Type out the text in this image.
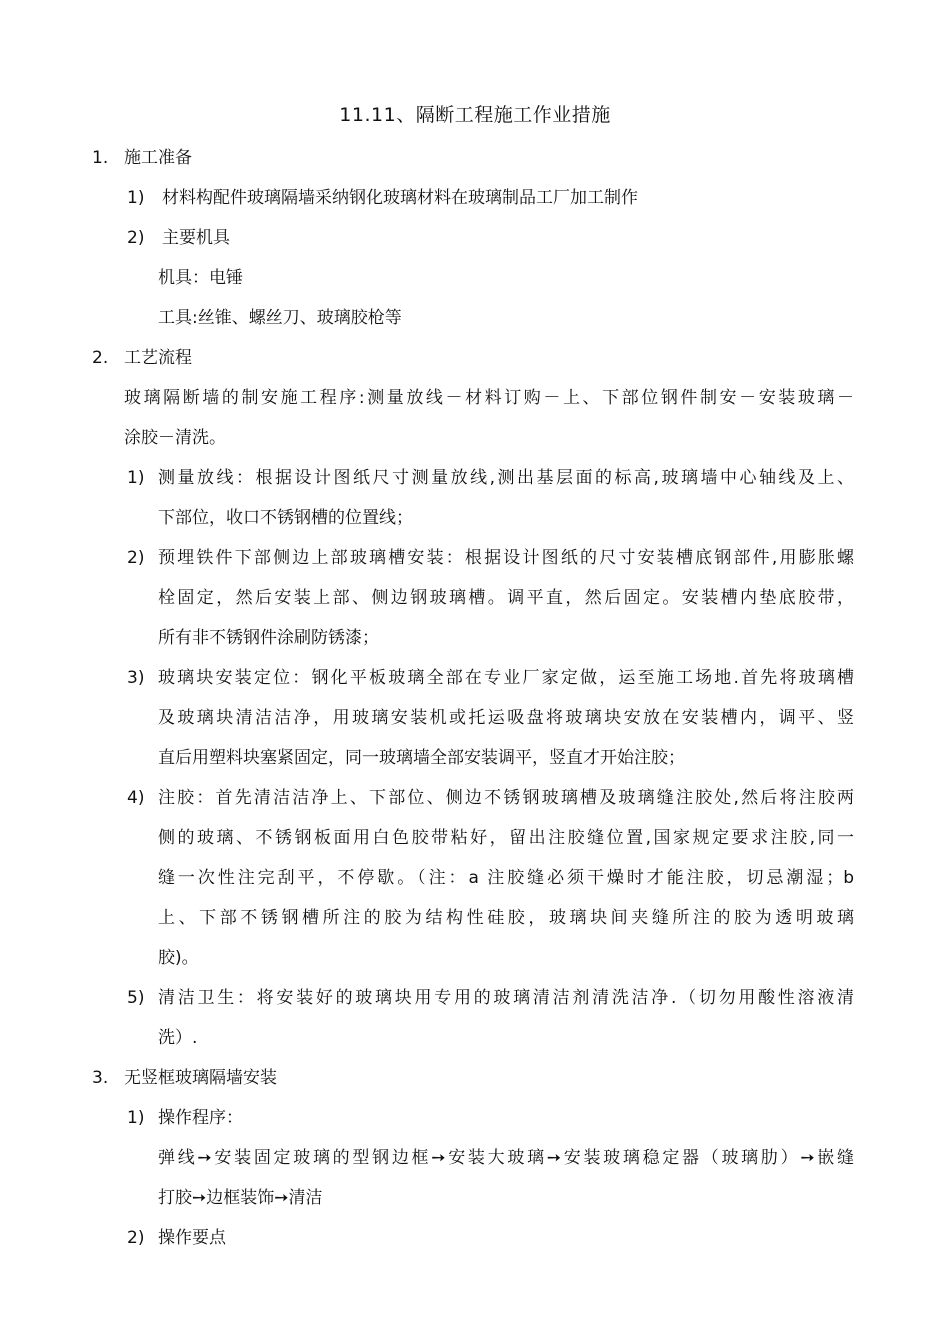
11.11、隔断工程施工作业措施
1. 施工准备
1) 材料构配件玻璃隔墙采纳钢化玻璃材料在玻璃制品工厂加工制作
2) 主要机具
机具：电锤
工具:丝锥、螺丝刀、玻璃胶枪等
2. 工艺流程
玻璃隔断墙的制安施工程序:测量放线－材料订购－上、下部位钢件制安－安装玻璃－
涂胶－清洗。
1) 测量放线：根据设计图纸尺寸测量放线,测出基层面的标高,玻璃墙中心轴线及上、
下部位，收口不锈钢槽的位置线；
2) 预埋铁件下部侧边上部玻璃槽安装：根据设计图纸的尺寸安装槽底钢部件,用膨胀螺
栓固定，然后安装上部、侧边钢玻璃槽。调平直，然后固定。安装槽内垫底胶带，
所有非不锈钢件涂刷防锈漆；
3) 玻璃块安装定位：钢化平板玻璃全部在专业厂家定做，运至施工场地.首先将玻璃槽
及玻璃块清洁洁净，用玻璃安装机或托运吸盘将玻璃块安放在安装槽内，调平、竖
直后用塑料块塞紧固定，同一玻璃墙全部安装调平，竖直才开始注胶；
4) 注胶：首先清洁洁净上、下部位、侧边不锈钢玻璃槽及玻璃缝注胶处,然后将注胶两
侧的玻璃、不锈钢板面用白色胶带粘好，留出注胶缝位置,国家规定要求注胶,同一
缝一次性注完刮平，不停歇。（注：a 注胶缝必须干燥时才能注胶，切忌潮湿；b
上、下部不锈钢槽所注的胶为结构性硅胶，玻璃块间夹缝所注的胶为透明玻璃
胶)。
5) 清洁卫生：将安装好的玻璃块用专用的玻璃清洁剂清洗洁净.（切勿用酸性溶液清
洗）.
3. 无竖框玻璃隔墙安装
1) 操作程序：
弹线➙安装固定玻璃的型钢边框➙安装大玻璃➙安装玻璃稳定器（玻璃肋）➙嵌缝
打胶➙边框装饰➙清洁
2) 操作要点
